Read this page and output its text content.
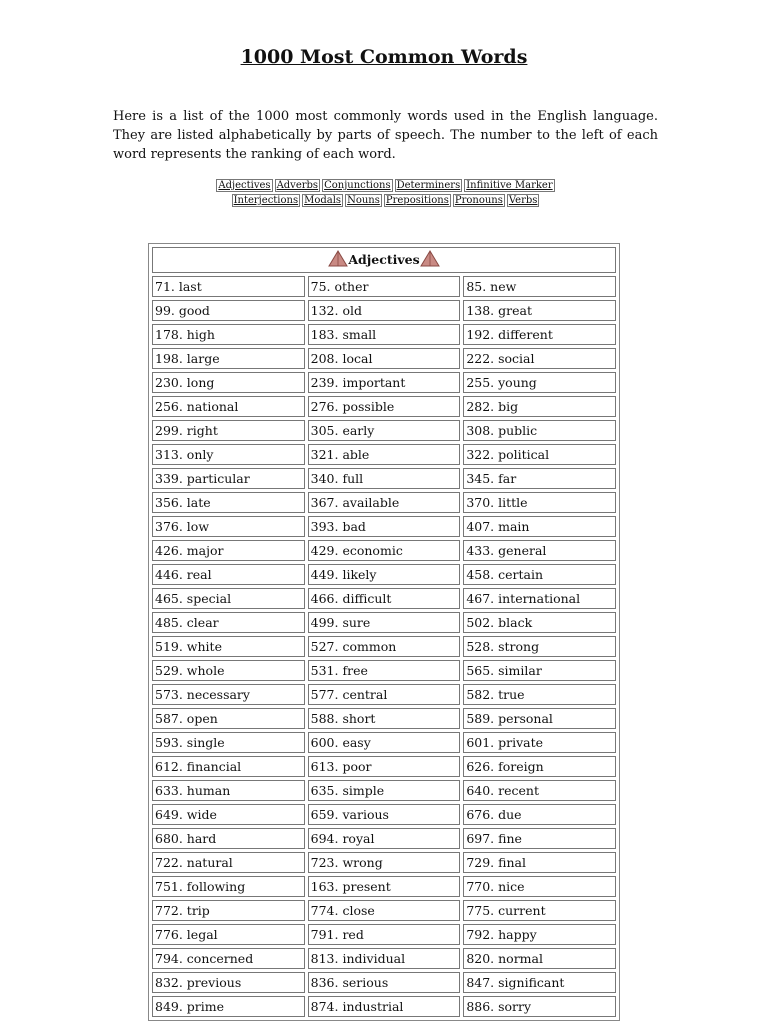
1000 Most Common Words

Here is a list of the 1000 most commonly words used in the English language. They are listed alphabetically by parts of speech. The number to the left of each word represents the ranking of each word.

Adjectives Adverbs Conjunctions Determiners Infinitive Marker
Interjections Modals Nouns Prepositions Pronouns Verbs
Adjectives		
71. last	75. other	85. new
99. good	132. old	138. great
178. high	183. small	192. different
198. large	208. local	222. social
230. long	239. important	255. young
256. national	276. possible	282. big
299. right	305. early	308. public
313. only	321. able	322. political
339. particular	340. full	345. far
356. late	367. available	370. little
376. low	393. bad	407. main
426. major	429. economic	433. general
446. real	449. likely	458. certain
465. special	466. difficult	467. international
485. clear	499. sure	502. black
519. white	527. common	528. strong
529. whole	531. free	565. similar
573. necessary	577. central	582. true
587. open	588. short	589. personal
593. single	600. easy	601. private
612. financial	613. poor	626. foreign
633. human	635. simple	640. recent
649. wide	659. various	676. due
680. hard	694. royal	697. fine
722. natural	723. wrong	729. final
751. following	163. present	770. nice
772. trip	774. close	775. current
776. legal	791. red	792. happy
794. concerned	813. individual	820. normal
832. previous	836. serious	847. significant
849. prime	874. industrial	886. sorry
